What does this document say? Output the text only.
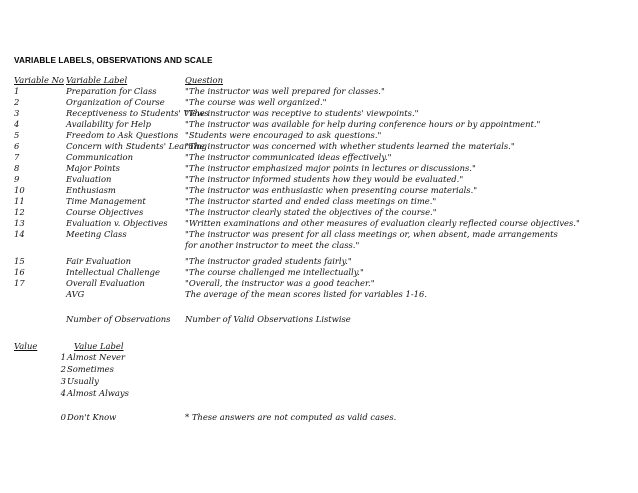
VARIABLE LABELS, OBSERVATIONS AND SCALE
Variable No Variable Label	Question
1	Preparation for Class	"The instructor was well prepared for classes."
2	Organization of Course	"The course was well organized."
3	Receptiveness to Students' Views
"The instructor was receptive to students' viewpoints."
4	Availability for Help	"The instructor was available for help during conference hours or by appointment."
5	Freedom to Ask Questions "Students were encouraged to ask questions."
6	Concern with Students' Learning
"The instructor was concerned with whether students learned the materials."
7	Communication	"The instructor communicated ideas effectively."
8	Major Points	"The instructor emphasized major points in lectures or discussions."
9	Evaluation	"The instructor informed students how they would be evaluated."
10	Enthusiasm	"The instructor was enthusiastic when presenting course materials."
11	Time Management	"The instructor started and ended class meetings on time."
12	Course Objectives	"The instructor clearly stated the objectives of the course."
13	Evaluation v. Objectives	"Written examinations and other measures of evaluation clearly reflected course objectives."
14	Meeting Class	"The instructor was present for all class meetings or, when absent, made arrangements
for another instructor to meet the class."
15	Fair Evaluation	"The instructor graded students fairly."
16	Intellectual Challenge	"The course challenged me intellectually."
17	Overall Evaluation	"Overall, the instructor was a good teacher."
AVG	The average of the mean scores listed for variables 1-16.
Number of Observations	Number of Valid Observations Listwise
Value	Value Label
1 Almost Never
2 Sometimes
3 Usually
4 Almost Always
0 Don't Know	* These answers are not computed as valid cases.
